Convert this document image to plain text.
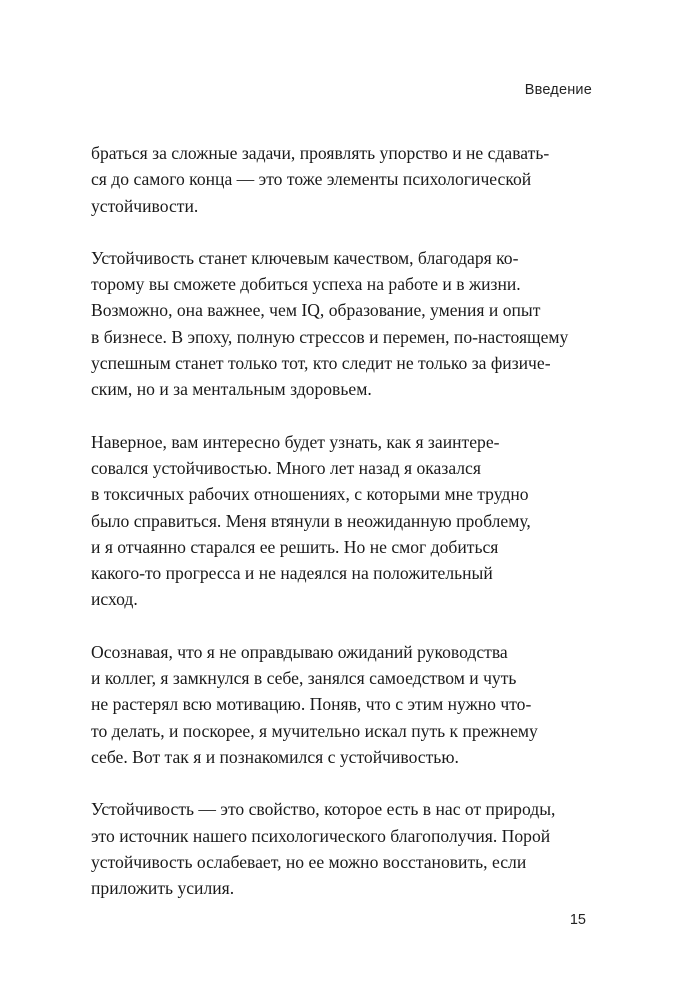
Введение

браться за сложные задачи, проявлять упорство и не сдавать-
ся до самого конца — это тоже элементы психологической
устойчивости.

Устойчивость станет ключевым качеством, благодаря ко-
торому вы сможете добиться успеха на работе и в жизни.
Возможно, она важнее, чем IQ, образование, умения и опыт
в бизнесе. В эпоху, полную стрессов и перемен, по-настоящему
успешным станет только тот, кто следит не только за физиче-
ским, но и за ментальным здоровьем.

Наверное, вам интересно будет узнать, как я заинтере-
совался устойчивостью. Много лет назад я оказался
в токсичных рабочих отношениях, с которыми мне трудно
было справиться. Меня втянули в неожиданную проблему,
и я отчаянно старался ее решить. Но не смог добиться
какого-то прогресса и не надеялся на положительный
исход.

Осознавая, что я не оправдываю ожиданий руководства
и коллег, я замкнулся в себе, занялся самоедством и чуть
не растерял всю мотивацию. Поняв, что с этим нужно что-
то делать, и поскорее, я мучительно искал путь к прежнему
себе. Вот так я и познакомился с устойчивостью.

Устойчивость — это свойство, которое есть в нас от природы,
это источник нашего психологического благополучия. Порой
устойчивость ослабевает, но ее можно восстановить, если
приложить усилия.

15
